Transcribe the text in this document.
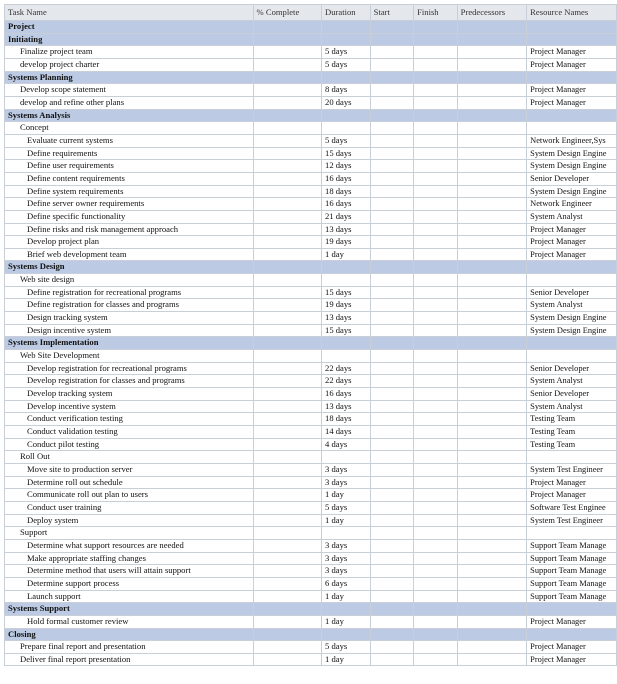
Task Name	% Complete	Duration	Start	Finish	Predecessors	Resource Names
Project						
Initiating						
Finalize project team		5 days				Project Manager
develop project charter		5 days				Project Manager
Systems Planning						
Develop scope statement		8 days				Project Manager
develop and refine other plans		20 days				Project Manager
Systems Analysis						
Concept						
Evaluate current systems		5 days				Network Engineer,Sys
Define requirements		15 days				System Design Engine
Define user requirements		12 days				System Design Engine
Define content requirements		16 days				Senior Developer
Define system requirements		18 days				System Design Engine
Define server owner requirements		16 days				Network Engineer
Define specific functionality		21 days				System Analyst
Define risks and risk management approach		13 days				Project Manager
Develop project plan		19 days				Project Manager
Brief web development team		1 day				Project Manager
Systems Design						
Web site design						
Define registration for recreational programs		15 days				Senior Developer
Define registration for classes and programs		19 days				System Analyst
Design tracking system		13 days				System Design Engine
Design incentive system		15 days				System Design Engine
Systems Implementation						
Web Site Development						
Develop registration for recreational programs		22 days				Senior Developer
Develop registration for classes and programs		22 days				System Analyst
Develop tracking system		16 days				Senior Developer
Develop incentive system		13 days				System Analyst
Conduct verification testing		18 days				Testing Team
Conduct validation testing		14 days				Testing Team
Conduct pilot testing		4 days				Testing Team
Roll Out						
Move site to production server		3 days				System Test Engineer
Determine roll out schedule		3 days				Project Manager
Communicate roll out plan to users		1 day				Project Manager
Conduct user training		5 days				Software Test Enginee
Deploy system		1 day				System Test Engineer
Support						
Determine what support resources are needed		3 days				Support Team Manage
Make appropriate staffing changes		3 days				Support Team Manage
Determine method that users will attain support		3 days				Support Team Manage
Determine support process		6 days				Support Team Manage
Launch support		1 day				Support Team Manage
Systems Support						
Hold formal customer review		1 day				Project Manager
Closing						
Prepare final report and presentation		5 days				Project Manager
Deliver final report presentation		1 day				Project Manager
